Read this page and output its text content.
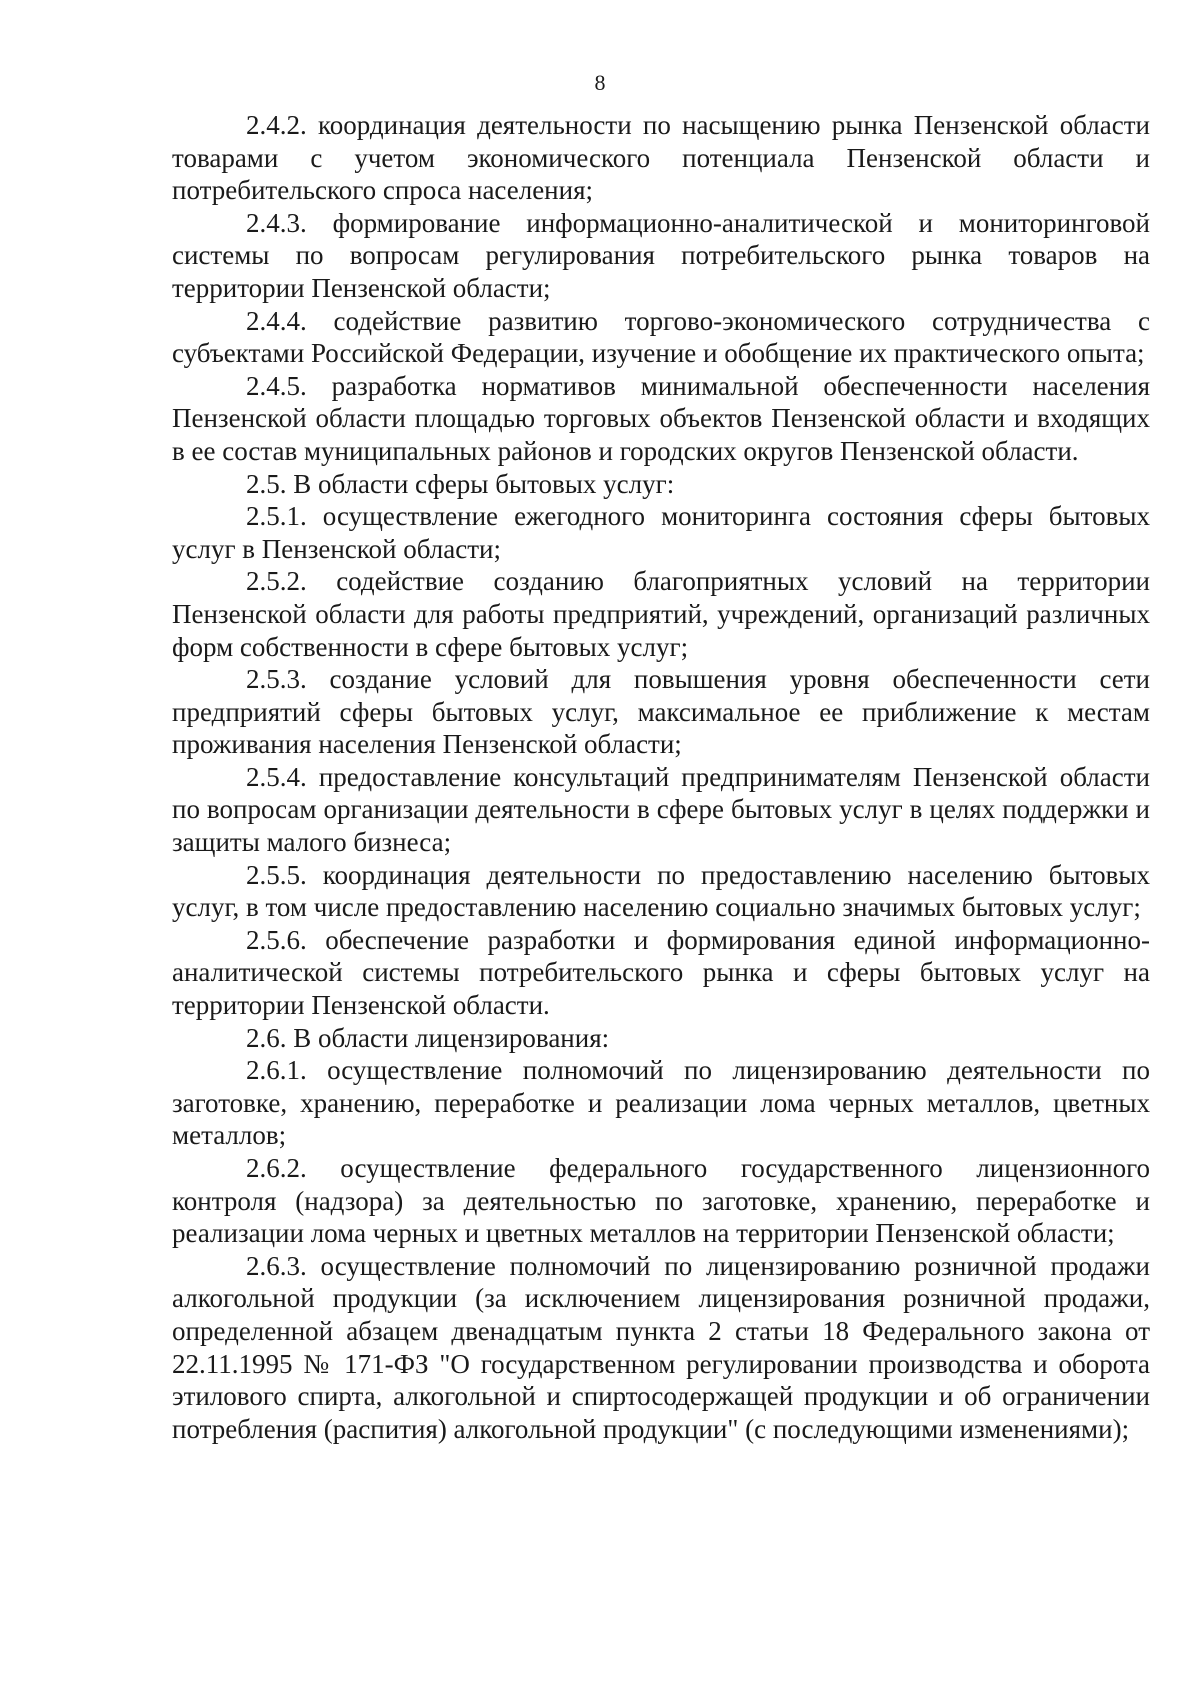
8

2.4.2. координация деятельности по насыщению рынка Пензенской области товарами с учетом экономического потенциала Пензенской области и потребительского спроса населения;

2.4.3. формирование информационно-аналитической и мониторинговой системы по вопросам регулирования потребительского рынка товаров на территории Пензенской области;

2.4.4. содействие развитию торгово-экономического сотрудничества с субъектами Российской Федерации, изучение и обобщение их практического опыта;

2.4.5. разработка нормативов минимальной обеспеченности населения Пензенской области площадью торговых объектов Пензенской области и входящих в ее состав муниципальных районов и городских округов Пензенской области.

2.5. В области сферы бытовых услуг:

2.5.1. осуществление ежегодного мониторинга состояния сферы бытовых услуг в Пензенской области;

2.5.2. содействие созданию благоприятных условий на территории Пензенской области для работы предприятий, учреждений, организаций различных форм собственности в сфере бытовых услуг;

2.5.3. создание условий для повышения уровня обеспеченности сети предприятий сферы бытовых услуг, максимальное ее приближение к местам проживания населения Пензенской области;

2.5.4. предоставление консультаций предпринимателям Пензенской области по вопросам организации деятельности в сфере бытовых услуг в целях поддержки и защиты малого бизнеса;

2.5.5. координация деятельности по предоставлению населению бытовых услуг, в том числе предоставлению населению социально значимых бытовых услуг;

2.5.6. обеспечение разработки и формирования единой информационно-аналитической системы потребительского рынка и сферы бытовых услуг на территории Пензенской области.

2.6. В области лицензирования:

2.6.1. осуществление полномочий по лицензированию деятельности по заготовке, хранению, переработке и реализации лома черных металлов, цветных металлов;

2.6.2. осуществление федерального государственного лицензионного контроля (надзора) за деятельностью по заготовке, хранению, переработке и реализации лома черных и цветных металлов на территории Пензенской области;

2.6.3. осуществление полномочий по лицензированию розничной продажи алкогольной продукции (за исключением лицензирования розничной продажи, определенной абзацем двенадцатым пункта 2 статьи 18 Федерального закона от 22.11.1995 № 171-ФЗ "О государственном регулировании производства и оборота этилового спирта, алкогольной и спиртосодержащей продукции и об ограничении потребления (распития) алкогольной продукции" (с последующими изменениями);
